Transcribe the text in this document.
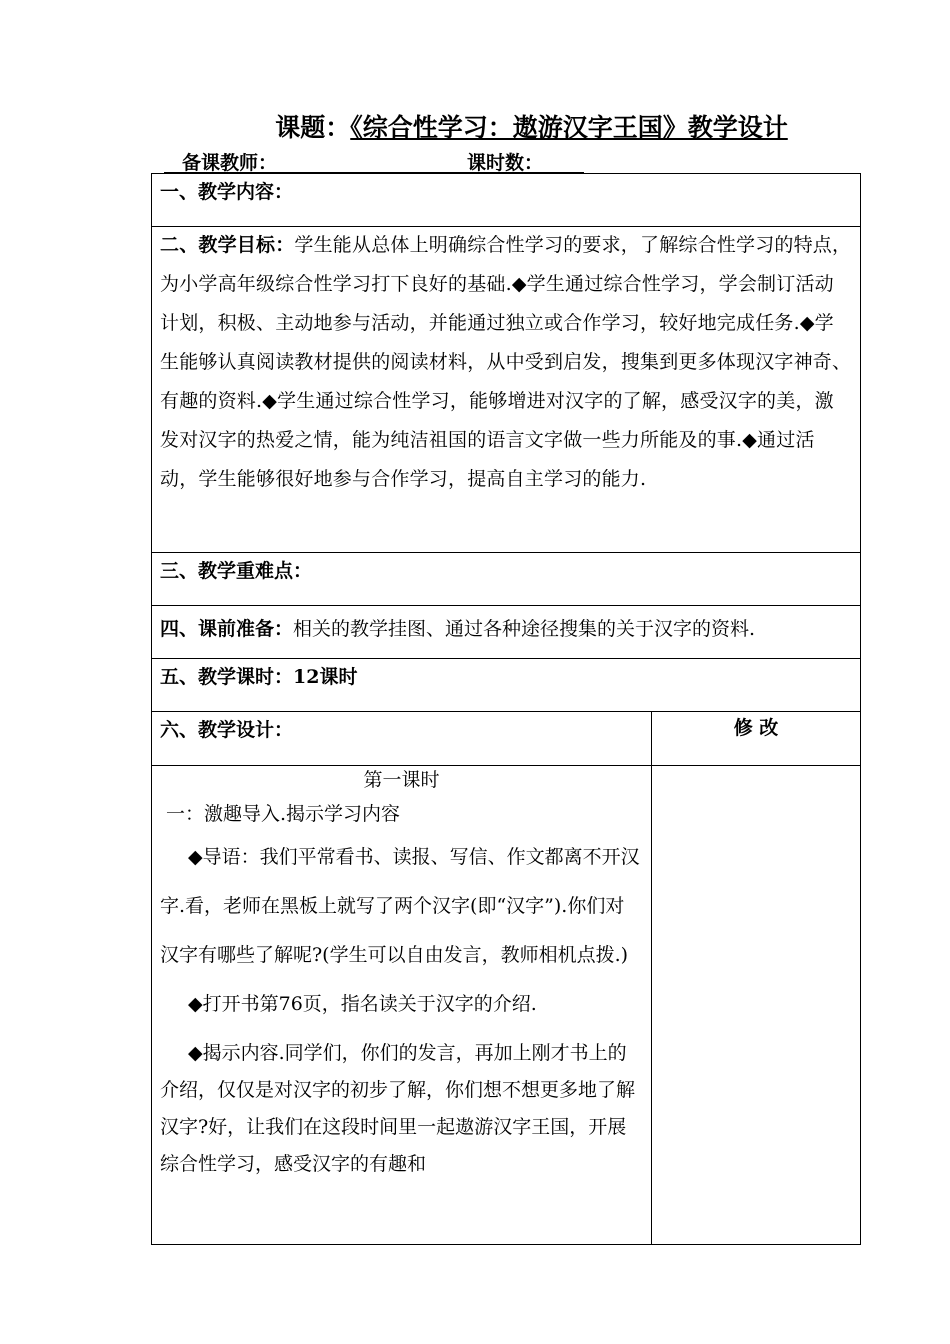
课题：《综合性学习：遨游汉字王国》教学设计
备课教师：	课时数：
一、教学内容：
二、教学目标：学生能从总体上明确综合性学习的要求，了解综合性学习的特点，为小学高年级综合性学习打下良好的基础.◆学生通过综合性学习，学会制订活动计划，积极、主动地参与活动，并能通过独立或合作学习，较好地完成任务.◆学生能够认真阅读教材提供的阅读材料，从中受到启发，搜集到更多体现汉字神奇、有趣的资料.◆学生通过综合性学习，能够增进对汉字的了解，感受汉字的美，激发对汉字的热爱之情，能为纯洁祖国的语言文字做一些力所能及的事.◆通过活动，学生能够很好地参与合作学习，提高自主学习的能力.
三、教学重难点：
四、课前准备：相关的教学挂图、通过各种途径搜集的关于汉字的资料.
五、教学课时：12课时
六、教学设计：	修 改
第一课时
一：激趣导入.揭示学习内容

◆导语：我们平常看书、读报、写信、作文都离不开汉字.看，老师在黑板上就写了两个汉字(即“汉字”).你们对汉字有哪些了解呢?(学生可以自由发言，教师相机点拨.)

◆打开书第76页，指名读关于汉字的介绍.

◆揭示内容.同学们，你们的发言，再加上刚才书上的介绍，仅仅是对汉字的初步了解，你们想不想更多地了解汉字?好，让我们在这段时间里一起遨游汉字王国，开展综合性学习，感受汉字的有趣和
